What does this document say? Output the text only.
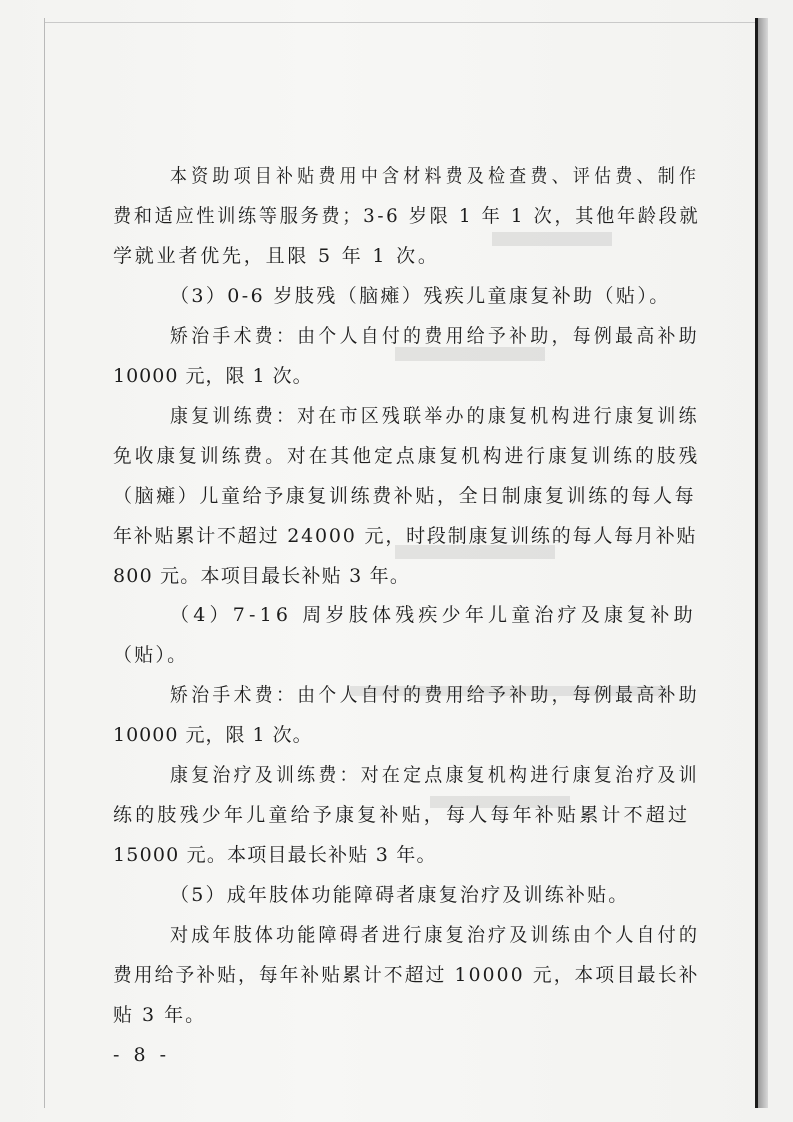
本资助项目补贴费用中含材料费及检查费、评估费、制作
费和适应性训练等服务费；3-6 岁限 1 年 1 次，其他年龄段就
学就业者优先，且限 5 年 1 次。
（3）0-6 岁肢残（脑瘫）残疾儿童康复补助（贴）。
矫治手术费：由个人自付的费用给予补助，每例最高补助
10000 元，限 1 次。
康复训练费：对在市区残联举办的康复机构进行康复训练
免收康复训练费。对在其他定点康复机构进行康复训练的肢残
（脑瘫）儿童给予康复训练费补贴，全日制康复训练的每人每
年补贴累计不超过 24000 元，时段制康复训练的每人每月补贴
800 元。本项目最长补贴 3 年。
（4）7-16 周岁肢体残疾少年儿童治疗及康复补助
（贴）。
矫治手术费：由个人自付的费用给予补助，每例最高补助
10000 元，限 1 次。
康复治疗及训练费：对在定点康复机构进行康复治疗及训
练的肢残少年儿童给予康复补贴，每人每年补贴累计不超过
15000 元。本项目最长补贴 3 年。
（5）成年肢体功能障碍者康复治疗及训练补贴。
对成年肢体功能障碍者进行康复治疗及训练由个人自付的
费用给予补贴，每年补贴累计不超过 10000 元，本项目最长补
贴 3 年。
- 8 -
